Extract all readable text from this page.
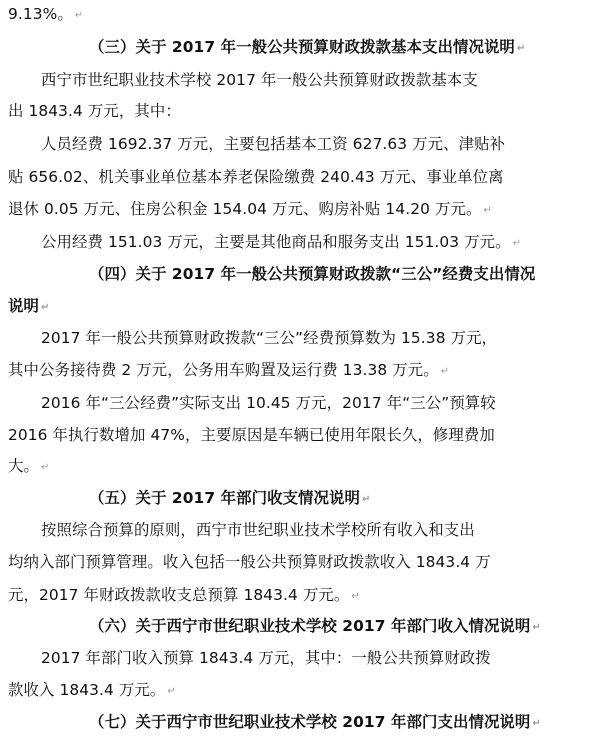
9.13%。 ↵
（三）关于 2017 年一般公共预算财政拨款基本支出情况说明 ↵
西宁市世纪职业技术学校 2017 年一般公共预算财政拨款基本支
出 1843.4 万元，其中：
人员经费 1692.37 万元，主要包括基本工资 627.63 万元、津贴补
贴 656.02、机关事业单位基本养老保险缴费 240.43 万元、事业单位离
退休 0.05 万元、住房公积金 154.04 万元、购房补贴 14.20 万元。 ↵
公用经费 151.03 万元，主要是其他商品和服务支出 151.03 万元。 ↵
（四）关于 2017 年一般公共预算财政拨款“三公”经费支出情况
说明 ↵
2017 年一般公共预算财政拨款“三公”经费预算数为 15.38 万元，
其中公务接待费 2 万元，公务用车购置及运行费 13.38 万元。 ↵
2016 年“三公经费”实际支出 10.45 万元，2017 年“三公”预算较
2016 年执行数增加 47%，主要原因是车辆已使用年限长久，修理费加
大。 ↵
（五）关于 2017 年部门收支情况说明 ↵
按照综合预算的原则，西宁市世纪职业技术学校所有收入和支出
均纳入部门预算管理。收入包括一般公共预算财政拨款收入 1843.4 万
元，2017 年财政拨款收支总预算 1843.4 万元。 ↵
（六）关于西宁市世纪职业技术学校 2017 年部门收入情况说明 ↵
2017 年部门收入预算 1843.4 万元，其中：一般公共预算财政拨
款收入 1843.4 万元。 ↵
（七）关于西宁市世纪职业技术学校 2017 年部门支出情况说明 ↵
